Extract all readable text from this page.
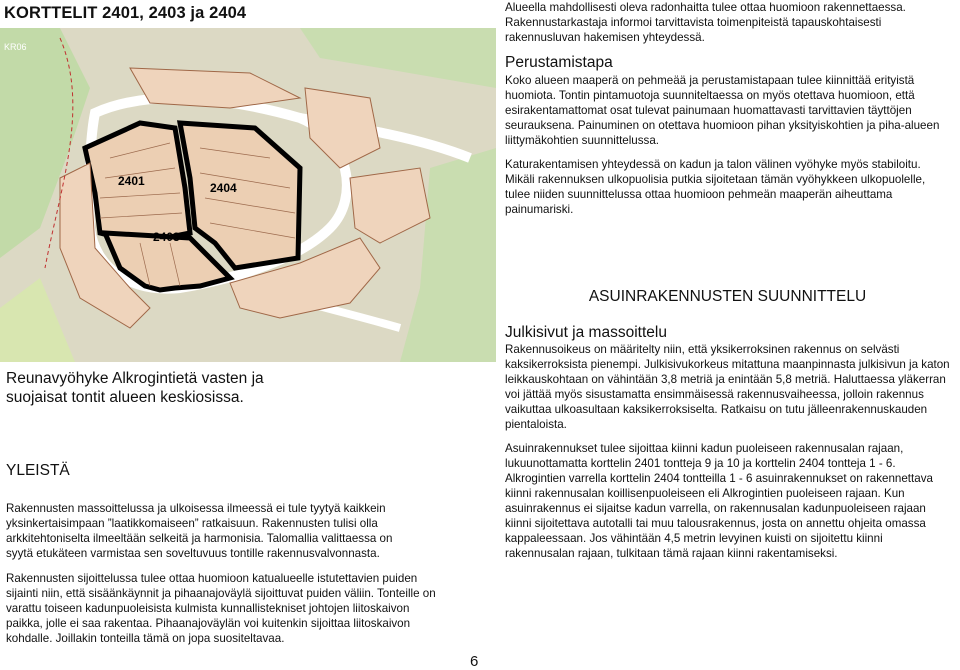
KORTTELIT 2401, 2403 ja 2404
2401	2404
2403
KR06
Reunavyöhyke Alkrogintietä vasten ja suojaisat tontit alueen keskiosissa.
YLEISTÄ
Rakennusten massoittelussa ja ulkoisessa ilmeessä ei tule tyytyä kaikkein yksinkertaisimpaan ”laatikkomaiseen” ratkaisuun. Rakennusten tulisi olla arkkitehtoniselta ilmeeltään selkeitä ja harmonisia. Talomallia valittaessa on syytä etukäteen varmistaa sen soveltuvuus tontille rakennusvalvonnasta.
Rakennusten sijoittelussa tulee ottaa huomioon katualueelle istutettavien puiden sijainti niin, että sisäänkäynnit ja pihaanajoväylä sijoittuvat puiden väliin. Tonteille on varattu toiseen kadunpuoleisista kulmista kunnallistekniset johtojen liitoskaivon paikka, jolle ei saa rakentaa. Pihaanajoväylän voi kuitenkin sijoittaa liitoskaivon kohdalle. Joillakin tonteilla tämä on jopa suositeltavaa.
Alueella mahdollisesti oleva radonhaitta tulee ottaa huomioon rakennettaessa. Rakennustarkastaja informoi tarvittavista toimenpiteistä tapauskohtaisesti rakennusluvan hakemisen yhteydessä.
Perustamistapa
Koko alueen maaperä on pehmeää ja perustamistapaan tulee kiinnittää erityistä huomiota. Tontin pintamuotoja suunniteltaessa on myös otettava huomioon, että esirakentamattomat osat tulevat painumaan huomattavasti tarvittavien täyttöjen seurauksena. Painuminen on otettava huomioon pihan yksityiskohtien ja piha-alueen liittymäkohtien suunnittelussa.
Katurakentamisen yhteydessä on kadun ja talon välinen vyöhyke myös stabiloitu. Mikäli rakennuksen ulkopuolisia putkia sijoitetaan tämän vyöhykkeen ulkopuolelle, tulee niiden suunnittelussa ottaa huomioon pehmeän maaperän aiheuttama painumariski.
ASUINRAKENNUSTEN SUUNNITTELU
Julkisivut ja massoittelu
Rakennusoikeus on määritelty niin, että yksikerroksinen rakennus on selvästi kaksikerroksista pienempi. Julkisivukorkeus mitattuna maanpinnasta julkisivun ja katon leikkauskohtaan on vähintään 3,8 metriä ja enintään 5,8 metriä. Haluttaessa yläkerran voi jättää myös sisustamatta ensimmäisessä rakennusvaiheessa, jolloin rakennus vaikuttaa ulkoasultaan kaksikerroksiselta. Ratkaisu on tutu jälleenrakennuskauden pientaloista.
Asuinrakennukset tulee sijoittaa kiinni kadun puoleiseen rakennusalan rajaan, lukuunottamatta korttelin 2401 tontteja 9 ja 10 ja korttelin 2404 tontteja 1 - 6. Alkrogintien varrella korttelin 2404 tontteilla 1 - 6 asuinrakennukset on rakennettava kiinni rakennusalan koillisenpuoleiseen eli Alkrogintien puoleiseen rajaan. Kun asuinrakennus ei sijaitse kadun varrella, on rakennusalan kadunpuoleiseen rajaan kiinni sijoitettava autotalli tai muu talousrakennus, josta on annettu ohjeita omassa kappaleessaan. Jos vähintään 4,5 metrin levyinen kuisti on sijoitettu kiinni rakennusalan rajaan, tulkitaan tämä rajaan kiinni rakentamiseksi.
6
